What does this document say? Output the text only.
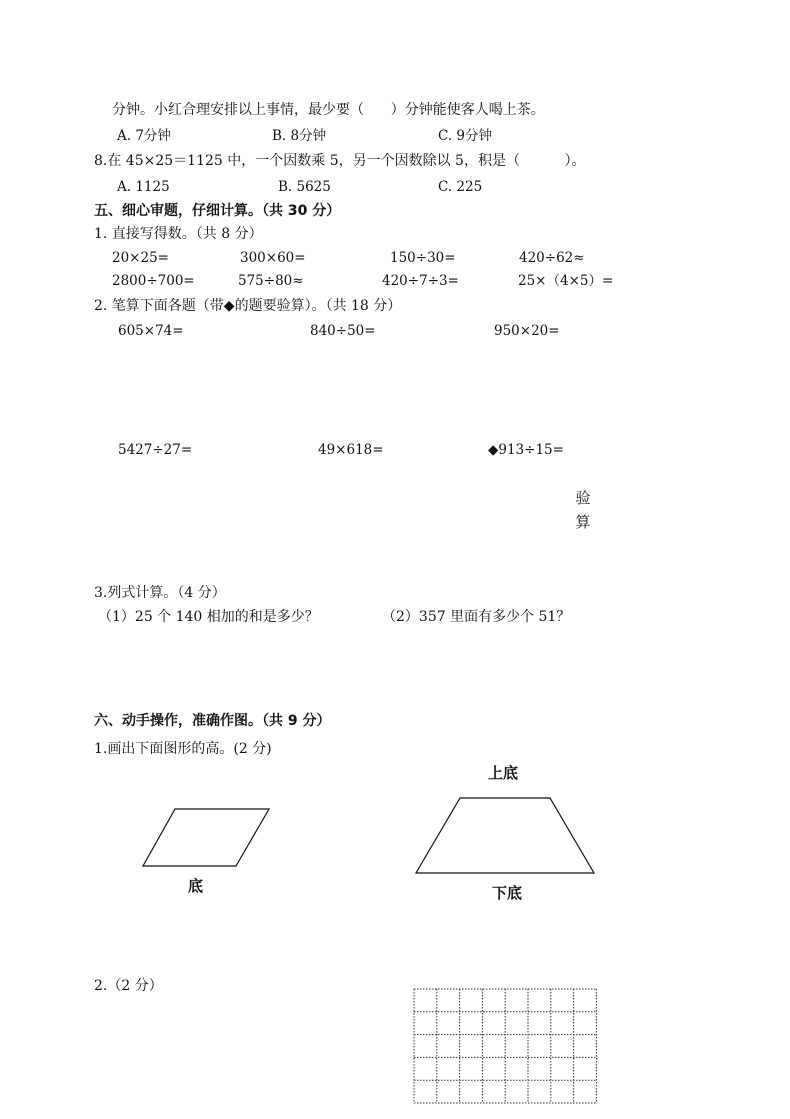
分钟。小红合理安排以上事情，最少要（      ）分钟能使客人喝上茶。
A. 7分钟	B. 8分钟	C. 9分钟
8.在 45×25＝1125 中，一个因数乘 5，另一个因数除以 5，积是（          ）。
A. 1125	B. 5625	C. 225
五、细心审题，仔细计算。（共 30 分）
1. 直接写得数。（共 8 分）
20×25=	300×60=	150÷30=	420÷62≈
2800÷700=	575÷80≈	420÷7÷3=	25×（4×5）=
2. 笔算下面各题（带◆的题要验算）。（共 18 分）
605×74=	840÷50=	950×20=
5427÷27=	49×618=	◆913÷15=
验
算
3.列式计算。（4 分）
（1）25 个 140 相加的和是多少？	（2）357 里面有多少个 51？
六、动手操作，准确作图。（共 9 分）
1.画出下面图形的高。(2 分)
上底
底	下底
2.（2 分）
